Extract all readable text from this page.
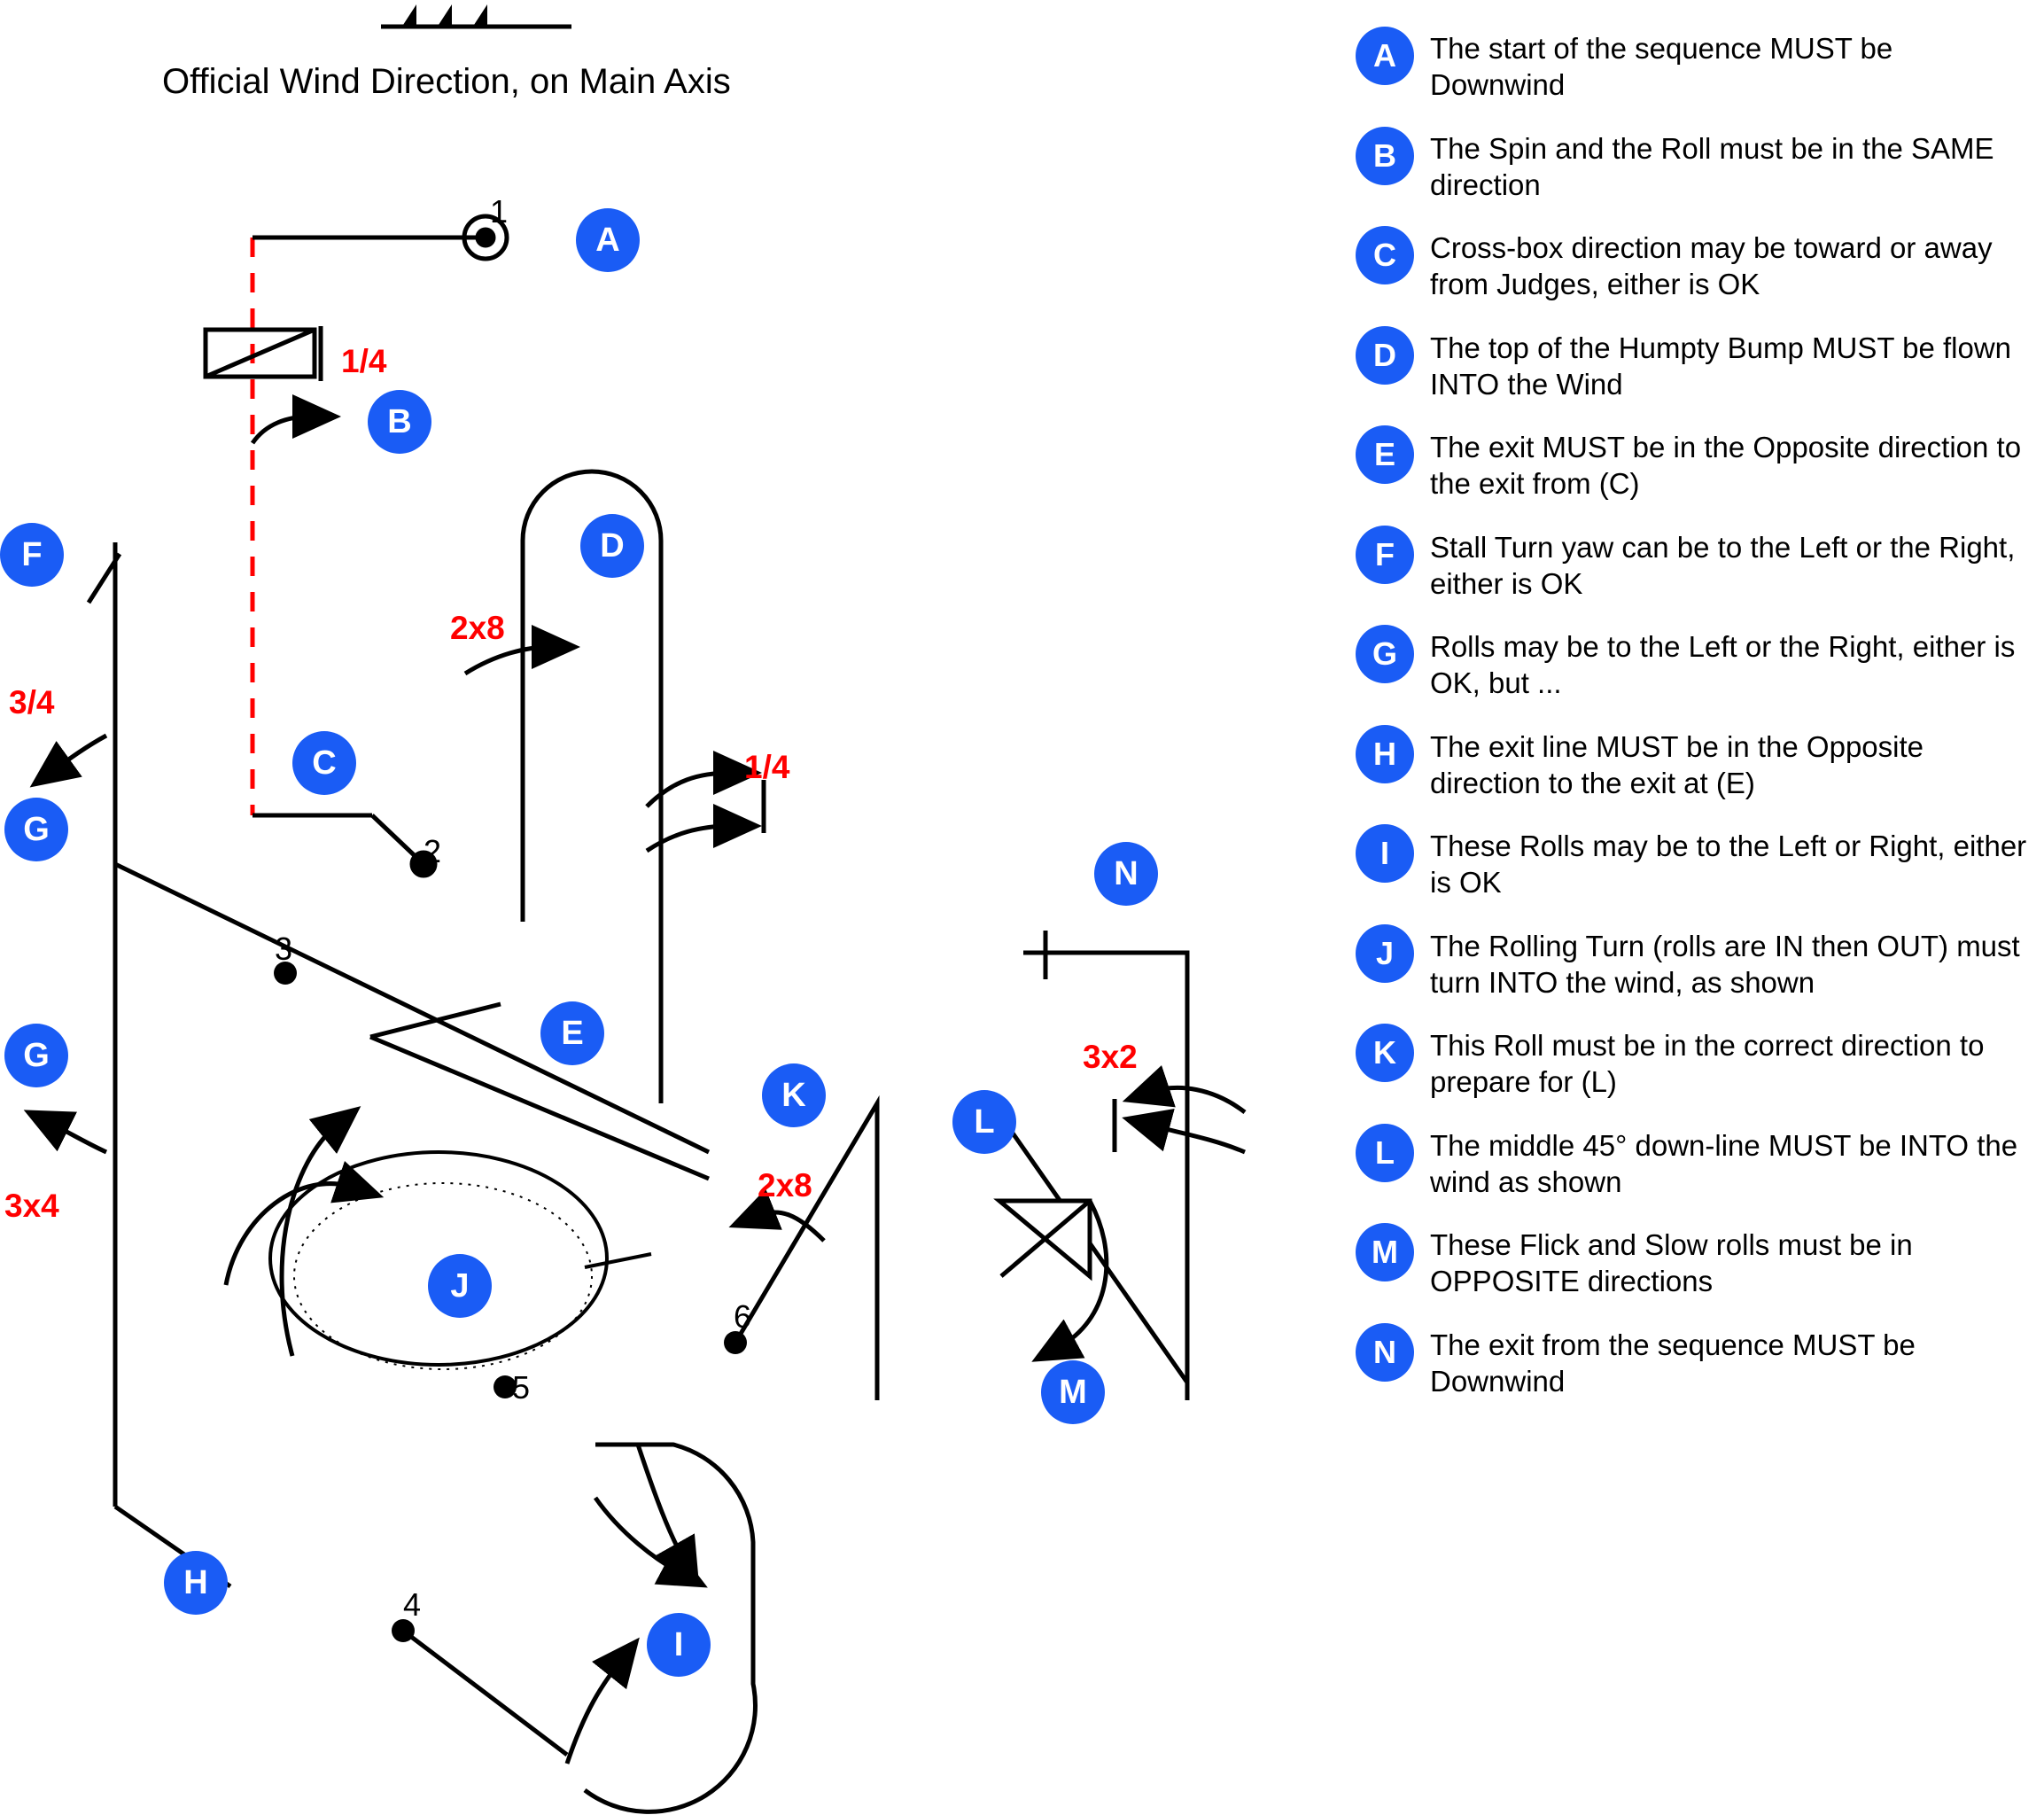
Official Wind Direction, on Main Axis
1
2
3
4
5
6
1/4
2x8
3/4
1/4
3x4
2x8
3x2
A
B
C
D
E
F
G
G
H
I
J
K
L
M
N
A	The start of the sequence MUST be Downwind
B	The Spin and the Roll must be in the SAME direction
C	Cross-box direction may be toward or away from Judges, either is OK
D	The top of the Humpty Bump MUST be flown INTO the Wind
E	The exit MUST be in the Opposite direction to the exit from (C)
F	Stall Turn yaw can be to the Left or the Right, either is OK
G	Rolls may be to the Left or the Right, either is OK, but ...
H	The exit line MUST be in the Opposite direction to the exit at (E)
I	These Rolls may be to the Left or Right, either is OK
J	The Rolling Turn (rolls are IN then OUT) must turn INTO the wind, as shown
K	This Roll must be in the correct direction to prepare for (L)
L	The middle 45° down-line MUST be INTO the wind as shown
M	These Flick and Slow rolls must be in OPPOSITE directions
N	The exit from the sequence MUST be Downwind
